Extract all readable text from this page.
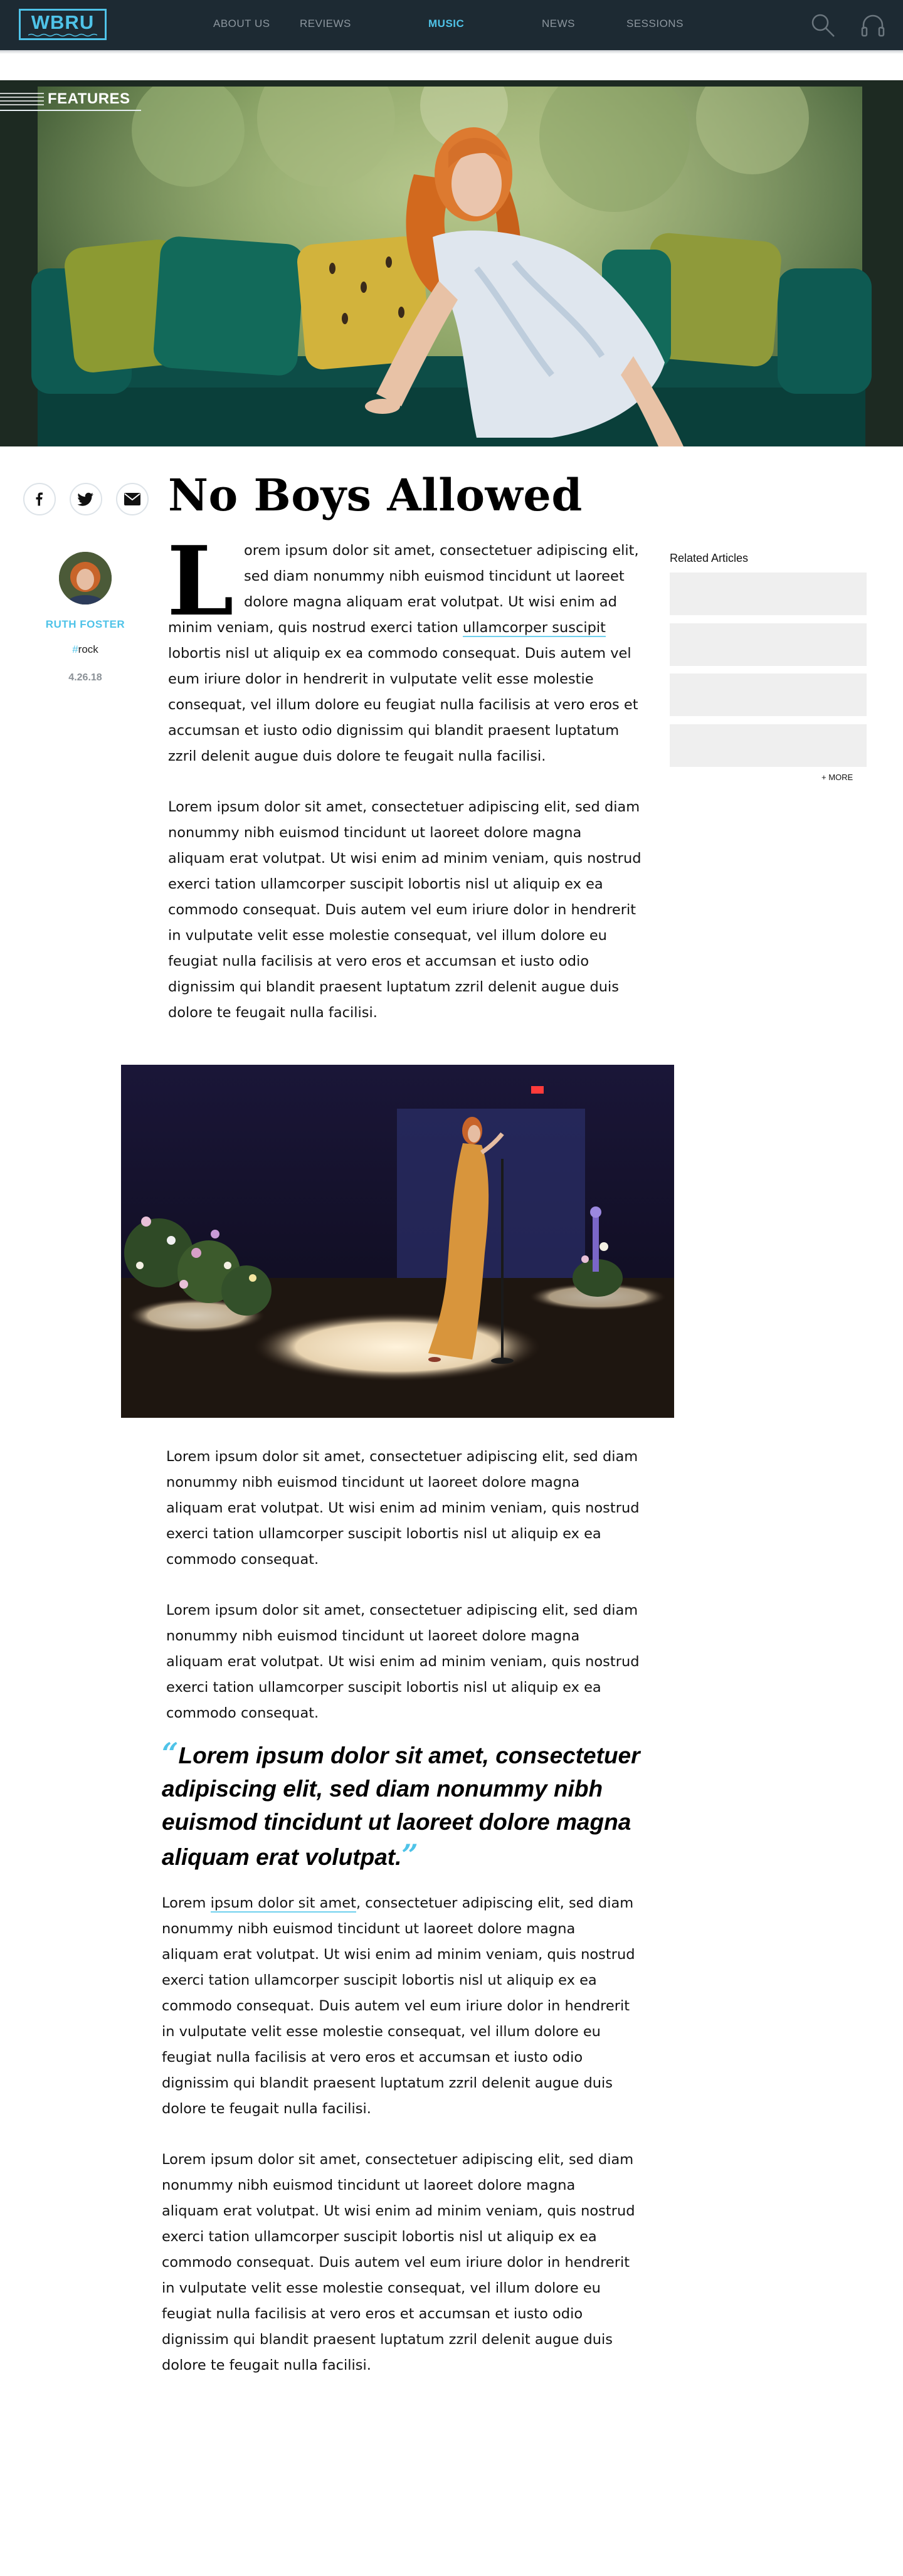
WBRU	ABOUT US	REVIEWS	MUSIC	NEWS	SESSIONS
FEATURES
No Boys Allowed
RUTH FOSTER
#rock
4.26.18
L orem ipsum dolor sit amet, consectetuer adipiscing elit,
sed diam nonummy nibh euismod tincidunt ut laoreet
dolore magna aliquam erat volutpat. Ut wisi enim ad
minim veniam, quis nostrud exerci tation ullamcorper suscipit
lobortis nisl ut aliquip ex ea commodo consequat. Duis autem vel
eum iriure dolor in hendrerit in vulputate velit esse molestie
consequat, vel illum dolore eu feugiat nulla facilisis at vero eros et
accumsan et iusto odio dignissim qui blandit praesent luptatum
zzril delenit augue duis dolore te feugait nulla facilisi.
Lorem ipsum dolor sit amet, consectetuer adipiscing elit, sed diam
nonummy nibh euismod tincidunt ut laoreet dolore magna
aliquam erat volutpat. Ut wisi enim ad minim veniam, quis nostrud
exerci tation ullamcorper suscipit lobortis nisl ut aliquip ex ea
commodo consequat. Duis autem vel eum iriure dolor in hendrerit
in vulputate velit esse molestie consequat, vel illum dolore eu
feugiat nulla facilisis at vero eros et accumsan et iusto odio
dignissim qui blandit praesent luptatum zzril delenit augue duis
dolore te feugait nulla facilisi.
Related Articles
+ MORE
Lorem ipsum dolor sit amet, consectetuer adipiscing elit, sed diam
nonummy nibh euismod tincidunt ut laoreet dolore magna
aliquam erat volutpat. Ut wisi enim ad minim veniam, quis nostrud
exerci tation ullamcorper suscipit lobortis nisl ut aliquip ex ea
commodo consequat.
Lorem ipsum dolor sit amet, consectetuer adipiscing elit, sed diam
nonummy nibh euismod tincidunt ut laoreet dolore magna
aliquam erat volutpat. Ut wisi enim ad minim veniam, quis nostrud
exerci tation ullamcorper suscipit lobortis nisl ut aliquip ex ea
commodo consequat.
“Lorem ipsum dolor sit amet, consectetuer
adipiscing elit, sed diam nonummy nibh
euismod tincidunt ut laoreet dolore magna
aliquam erat volutpat.”
Lorem ipsum dolor sit amet, consectetuer adipiscing elit, sed diam
nonummy nibh euismod tincidunt ut laoreet dolore magna
aliquam erat volutpat. Ut wisi enim ad minim veniam, quis nostrud
exerci tation ullamcorper suscipit lobortis nisl ut aliquip ex ea
commodo consequat. Duis autem vel eum iriure dolor in hendrerit
in vulputate velit esse molestie consequat, vel illum dolore eu
feugiat nulla facilisis at vero eros et accumsan et iusto odio
dignissim qui blandit praesent luptatum zzril delenit augue duis
dolore te feugait nulla facilisi.
Lorem ipsum dolor sit amet, consectetuer adipiscing elit, sed diam
nonummy nibh euismod tincidunt ut laoreet dolore magna
aliquam erat volutpat. Ut wisi enim ad minim veniam, quis nostrud
exerci tation ullamcorper suscipit lobortis nisl ut aliquip ex ea
commodo consequat. Duis autem vel eum iriure dolor in hendrerit
in vulputate velit esse molestie consequat, vel illum dolore eu
feugiat nulla facilisis at vero eros et accumsan et iusto odio
dignissim qui blandit praesent luptatum zzril delenit augue duis
dolore te feugait nulla facilisi.
